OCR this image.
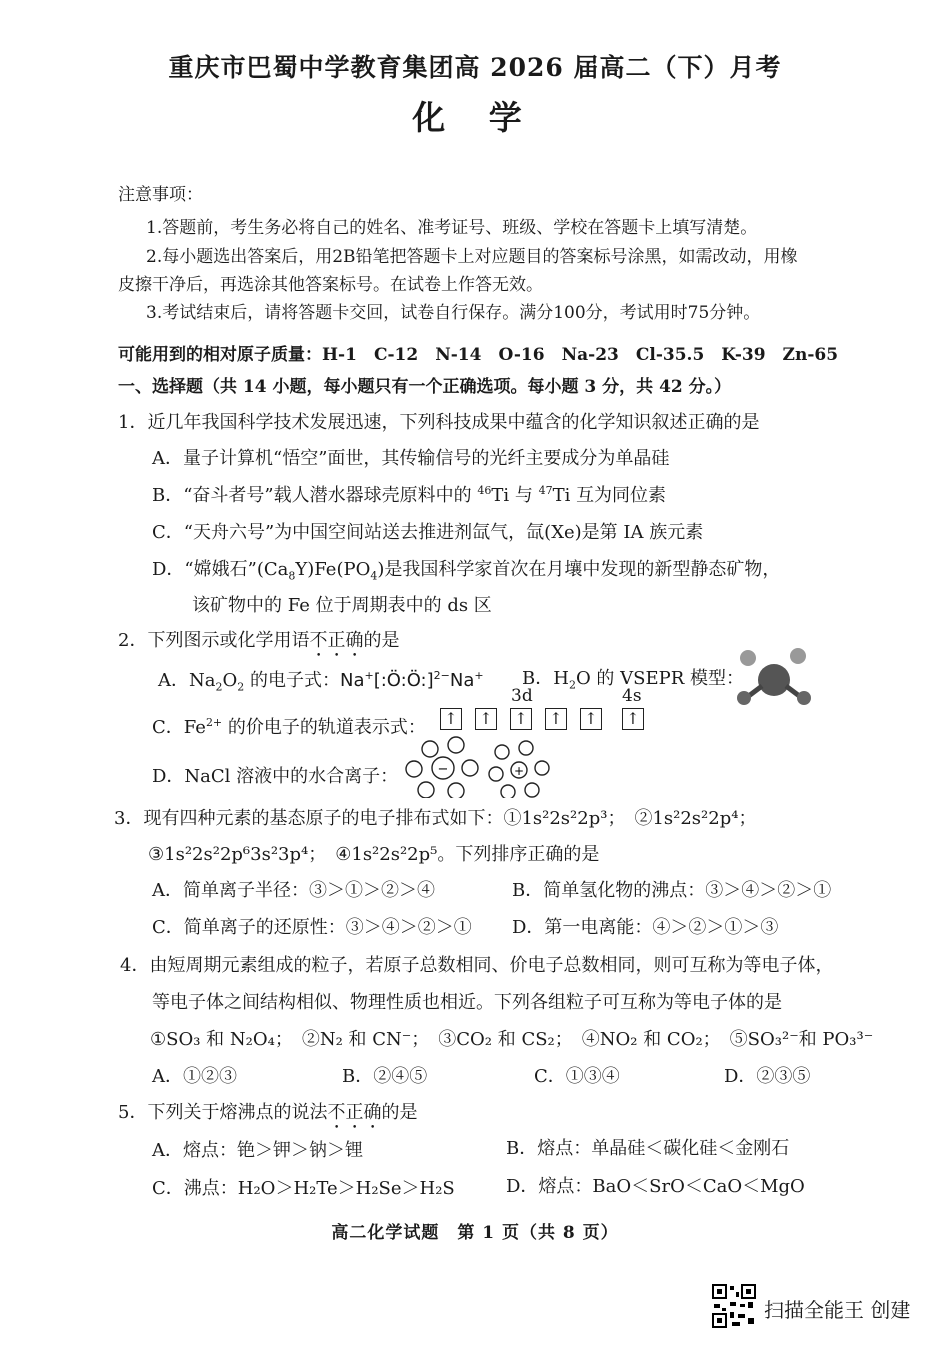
重庆市巴蜀中学教育集团高 2026 届高二（下）月考
化 学
注意事项：
1.答题前，考生务必将自己的姓名、准考证号、班级、学校在答题卡上填写清楚。
2.每小题选出答案后，用2B铅笔把答题卡上对应题目的答案标号涂黑，如需改动，用橡
皮擦干净后，再选涂其他答案标号。在试卷上作答无效。
3.考试结束后，请将答题卡交回，试卷自行保存。满分100分，考试用时75分钟。
可能用到的相对原子质量：H-1　C-12　N-14　O-16　Na-23　Cl-35.5　K-39　Zn-65
一、选择题（共 14 小题，每小题只有一个正确选项。每小题 3 分，共 42 分。）
1．近几年我国科学技术发展迅速，下列科技成果中蕴含的化学知识叙述正确的是
A．量子计算机“悟空”面世，其传输信号的光纤主要成分为单晶硅
B．“奋斗者号”载人潜水器球壳原料中的 $^{46}$Ti 与 $^{47}$Ti 互为同位素
C．“天舟六号”为中国空间站送去推进剂氙气，氙(Xe)是第 IA 族元素
D．“嫦娥石$”(Ca_8Y)Fe(PO_4)$是我国科学家首次在月壤中发现的新型静态矿物，
该矿物中的 Fe 位于周期表中的 ds 区
2．下列图示或化学用语不正确的是
A．$Na_2O_2$ 的电子式：Na+[:Ö:Ö:]$^{2-}$Na+ B．$H_2O$ 的 VSEPR 模型：
3d	4s
C．$Fe^{2+}$ 的价电子的轨道表示式： ↑ ↑ ↑ ↑ ↑ ↑
D．NaCl 溶液中的水合离子：	−	+
3．现有四种元素的基态原子的电子排布式如下：①1s²2s²2p³；　②1s²2s²2p⁴；
③1s²2s²2p⁶3s²3p⁴；　④1s²2s²2p⁵。下列排序正确的是
A．简单离子半径：③＞①＞②＞④	B．简单氢化物的沸点：③＞④＞②＞①
C．简单离子的还原性：③＞④＞②＞① D．第一电离能：④＞②＞①＞③
4．由短周期元素组成的粒子，若原子总数相同、价电子总数相同，则可互称为等电子体，
等电子体之间结构相似、物理性质也相近。下列各组粒子可互称为等电子体的是
①SO₃ 和 N₂O₄；　②N₂ 和 CN⁻；　③CO₂ 和 CS₂；　④NO₂ 和 CO₂；　⑤SO₃²⁻和 PO₃³⁻
A．①②③	B．②④⑤	C．①③④	D．②③⑤
5．下列关于熔沸点的说法不正确的是
A．熔点：铯＞钾＞钠＞锂	B．熔点：单晶硅＜碳化硅＜金刚石
C．沸点：H₂O＞H₂Te＞H₂Se＞H₂S	D．熔点：BaO＜SrO＜CaO＜MgO
高二化学试题　第 1 页（共 8 页）
扫描全能王 创建
